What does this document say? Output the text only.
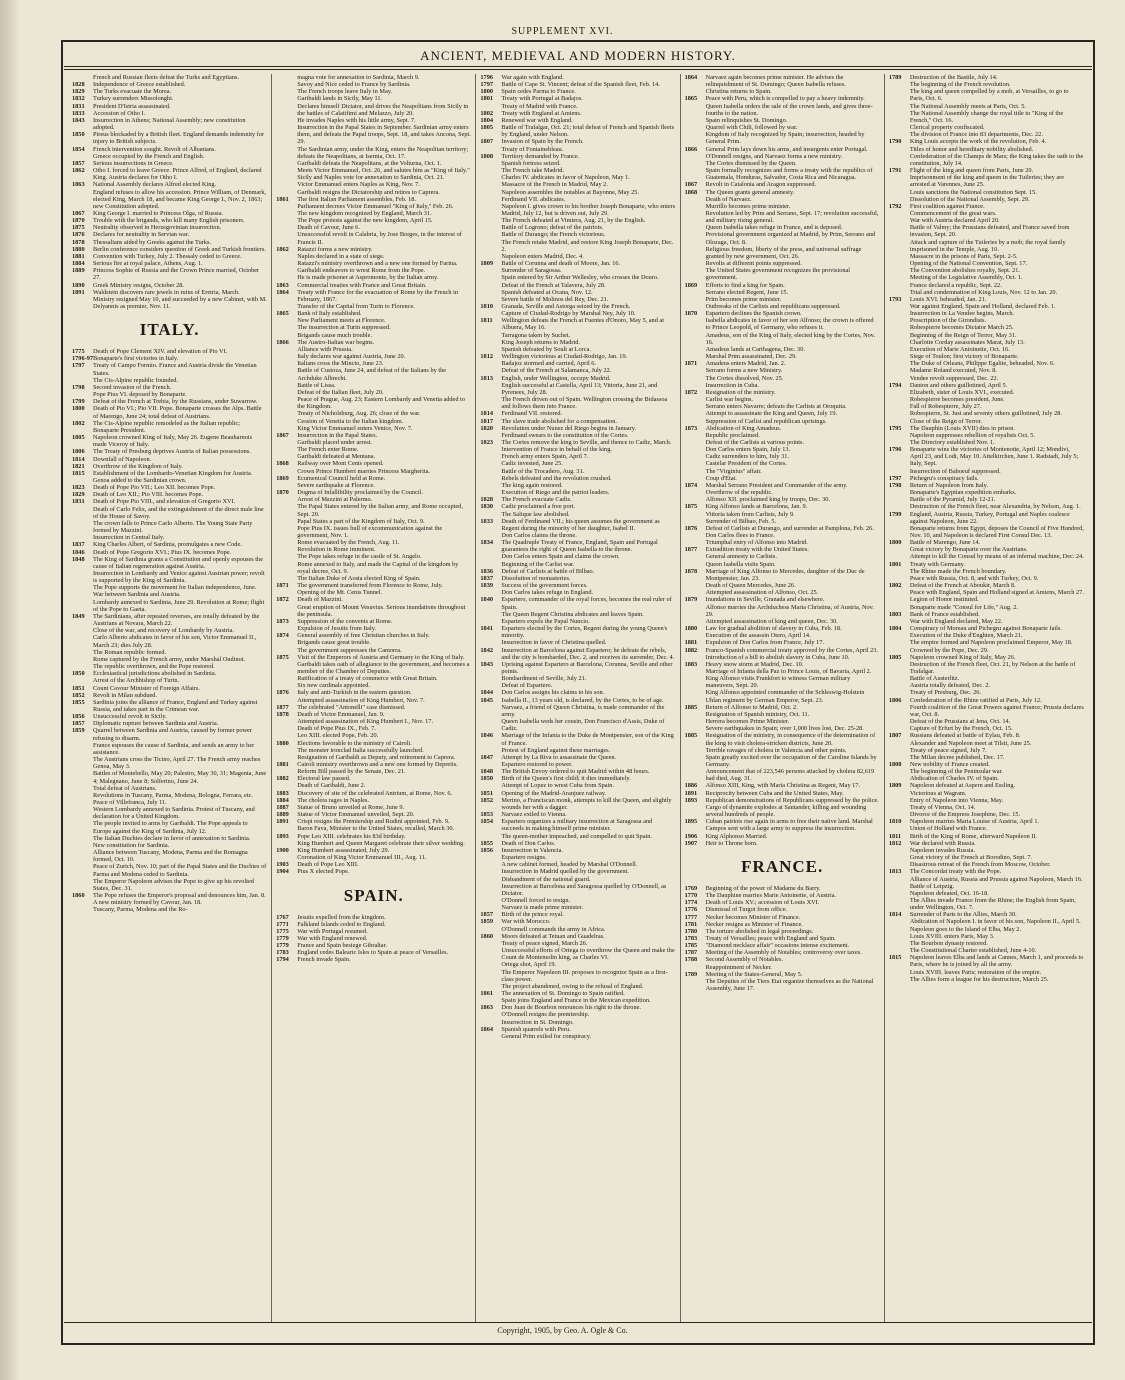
SUPPLEMENT XVI.
ANCIENT, MEDIEVAL AND MODERN HISTORY.
French and Russian fleets defeat the Turks and Egyptians.
1828	Independence of Greece established.
1829	The Turks evacuate the Morea.
1832	Turkey surrenders Missolonghi.
1831	President D'Istria assassinated.
1833	Accession of Otho I.
1843	Insurrection in Athens; National Assembly; new constitution adopted.
1850	Pireus blockaded by a British fleet. England demands indemnity for injury to British subjects.
1854	French intervention sought. Revolt of Albanians.
Greece occupied by the French and English.
1857	Serious insurrections in Greece.
1862	Otho I. forced to leave Greece. Prince Alfred, of England, declared King. Austria declares for Otho I.
1863	National Assembly declares Alfred elected King.
England refuses to allow his accession. Prince William, of Denmark, elected King, March 18, and became King George I., Nov. 2, 1863; new Constitution adopted.
1867	King George I. married to Princess Olga, of Russia.
1870	Trouble with the brigands, who kill many English prisoners.
1875	Neutrality observed in Herzegovinian insurrection.
1876	Declares for neutrality in Servian war.
1878	Thessalians aided by Greeks against the Turks.
1880	Berlin conference considers question of Greek and Turkish frontiers.
1881	Convention with Turkey, July 2. Thessaly ceded to Greece.
1884	Serious fire at royal palace, Athens, Aug. 1.
1889	Princess Sophie of Russia and the Crown Prince married, October 27.
1890	Greek Ministry resigns, October 28.
1891	Waldstein discovers rare jewels in ruins of Eretria, March.
Ministry resigned May 10, and succeeded by a new Cabinet, with M. Delyannis as premier, Nov. 11.
ITALY.
1775	Death of Pope Clement XIV. and elevation of Pio VI.
1796-97 Bonaparte's first victories in Italy.
1797	Treaty of Campo Formio. France and Austria divide the Venetian States.
The Cis-Alpine republic founded.
1798	Second invasion of the French.
Pope Pius VI. deposed by Bonaparte.
1799	Defeat of the French at Trebia, by the Russians, under Suwarrow.
1800	Death of Pio VI.; Pio VII. Pope. Bonaparte crosses the Alps. Battle of Marengo, June 24; total defeat of Austrians.
1802	The Cis-Alpine republic remodeled as the Italian republic; Bonaparte President.
1805	Napoleon crowned King of Italy, May 26. Eugene Beauharnois made Viceroy of Italy.
1806	The Treaty of Presburg deprives Austria of Italian possessions.
1814	Downfall of Napoleon.
1821	Overthrow of the Kingdom of Italy.
1815	Establishment of the Lombardo-Venetian Kingdom for Austria. Genoa added to the Sardinian crown.
1823	Death of Pope Pio VII.; Leo XII. becomes Pope.
1829	Death of Leo XII.; Pio VIII. becomes Pope.
1831	Death of Pope Pio VIII., and elevation of Gregorio XVI.
Death of Carlo Felix, and the extinguishment of the direct male line of the House of Savoy.
The crown falls to Prince Carlo Alberto. The Young State Party formed by Mazzini.
Insurrection in Central Italy.
1837	King Charles Albert, of Sardinia, promulgates a new Code.
1846	Death of Pope Gregorio XVI.; Pius IX. becomes Pope.
1848	The King of Sardinia grants a Constitution and openly espouses the cause of Italian regeneration against Austria.
Insurrection in Lombardy and Venice against Austrian power; revolt is supported by the King of Sardinia.
The Pope supports the movement for Italian independence, June.
War between Sardinia and Austria.
Lombardy annexed to Sardinia, June 29. Revolution at Rome; flight of the Pope to Gaeta.
1849	The Sardinians, after repeated reverses, are totally defeated by the Austrians at Novara, March 22.
Close of the war, and recovery of Lombardy by Austria.
Carlo Alberto abdicates in favor of his son, Victor Emmanuel II., March 23; dies July 28.
The Roman republic formed.
Rome captured by the French army, under Marshal Oudinot.
The republic overthrown, and the Pope restored.
1850	Ecclesiastical jurisdictions abolished in Sardinia.
Arrest of the Archbishop of Turin.
1851	Count Cavour Minister of Foreign Affairs.
1852	Revolt in Milan subdued.
1855	Sardinia joins the alliance of France, England and Turkey against Russia, and takes part in the Crimean war.
1856	Unsuccessful revolt in Sicily.
1857	Diplomatic rupture between Sardinia and Austria.
1859	Quarrel between Sardinia and Austria, caused by former power refusing to disarm.
France espouses the cause of Sardinia, and sends an army to her assistance.
The Austrians cross the Ticino, April 27. The French army reaches Genoa, May 3.
Battles of Montebello, May 20; Palestro, May 30, 31; Magenta, June 4; Malegnano, June 8; Solferino, June 24.
Total defeat of Austrians.
Revolutions in Tuscany, Parma, Modena, Bologna, Ferrara, etc.
Peace of Villefranca, July 11.
Western Lombardy annexed to Sardinia. Protest of Tuscany, and declaration for a United Kingdom.
The people invited to arms by Garibaldi. The Pope appeals to Europe against the King of Sardinia, July 12.
The Italian Duchies declare in favor of annexation to Sardinia.
New constitution for Sardinia.
Alliance between Tuscany, Modena, Parma and the Romagna formed, Oct. 10.
Peace of Zurich, Nov. 10; part of the Papal States and the Duchies of Parma and Modena ceded to Sardinia.
The Emperor Napoleon advises the Pope to give up his revolted States, Dec. 31.
1860	The Pope refuses the Emperor's proposal and denounces him, Jan. 8.
A new ministry formed by Cavour, Jan. 18.
Tuscany, Parma, Modena and the Ro-
magna vote for annexation to Sardinia, March 9.
Savoy and Nice ceded to France by Sardinia.
The French troops leave Italy in May.
Garibaldi lands in Sicily, May 11.
Declares himself Dictator, and drives the Neapolitans from Sicily in the battles of Calatifimi and Melazzo, July 20.
He invades Naples with his little army, Sept. 7.
Insurrection in the Papal States in September. Sardinian army enters them, and defeats the Papal troops, Sept. 18, and takes Ancona, Sept. 29.
The Sardinian army, under the King, enters the Neapolitan territory; defeats the Neapolitans, at Isernia, Oct. 17.
Garibaldi defeats the Neapolitans, at the Volturna, Oct. 1.
Meets Victor Emmanuel, Oct. 26, and salutes him as "King of Italy."
Sicily and Naples vote for annexation to Sardinia, Oct. 21.
Victor Emmanuel enters Naples as King, Nov. 7.
Garibaldi resigns the Dictatorship and retires to Caprera.
1861	The first Italian Parliament assembles, Feb. 18.
Parliament decrees Victor Emmanuel "King of Italy," Feb. 26.
The new kingdom recognized by England, March 31.
The Pope protests against the new kingdom, April 15.
Death of Cavour, June 6.
Unsuccessful revolt in Calabria, by Jose Borges, in the interest of Francis II.
1862	Ratazzi forms a new ministry.
Naples declared in a state of siege.
Ratazzi's ministry overthrown and a new one formed by Farina.
Garibaldi endeavors to wrest Rome from the Pope.
He is made prisoner at Aspromonte, by the Italian army.
1863	Commercial treaties with France and Great Britain.
1864	Treaty with France for the evacuation of Rome by the French in February, 1867.
Transfer of the Capital from Turin to Florence.
1865	Bank of Italy established.
New Parliament meets at Florence.
The insurrection at Turin suppressed.
Brigands cause much trouble.
1866	The Austro-Italian war begins.
Alliance with Prussia.
Italy declares war against Austria, June 20.
Italians cross the Mincio, June 23.
Battle of Custoza, June 24, and defeat of the Italians by the Archduke Albrecht.
Battle of Lissa.
Defeat of the Italian fleet, July 20.
Peace of Prague, Aug. 23; Eastern Lombardy and Venetia added to the Kingdom.
Treaty of Nicholsburg, Aug. 26; close of the war.
Cession of Venetia to the Italian kingdom.
King Victor Emmanuel enters Venice, Nov. 7.
1867	Insurrection in the Papal States.
Garibaldi placed under arrest.
The French enter Rome.
Garibaldi defeated at Mentana.
1868	Railway over Mont Cenis opened.
Crown Prince Humbert marries Princess Margherita.
1869	Ecumenical Council held at Rome.
Severe earthquake at Florence.
1870	Dogma of Infallibility proclaimed by the Council.
Arrest of Mazzini at Palermo.
The Papal States entered by the Italian army, and Rome occupied, Sept. 20.
Papal States a part of the Kingdom of Italy, Oct. 9.
Pope Pius IX. issues bull of excommunication against the government, Nov. 1.
Rome evacuated by the French, Aug. 11.
Revolution in Rome imminent.
The Pope takes refuge in the castle of St. Angelo.
Rome annexed to Italy, and made the Capital of the kingdom by royal decree, Oct. 9.
The Italian Duke of Aosta elected King of Spain.
1871	The government transferred from Florence to Rome, July.
Opening of the Mt. Cenis Tunnel.
1872	Death of Mazzini.
Great eruption of Mount Vesuvius. Serious inundations throughout the peninsula.
1873	Suppression of the convents at Rome.
Expulsion of Jesuits from Italy.
1874	General assembly of free Christian churches in Italy.
Brigands cause great trouble.
The government suppresses the Camorra.
1875	Visit of the Emperors of Austria and Germany to the King of Italy.
Garibaldi takes oath of allegiance to the government, and becomes a member of the Chamber of Deputies.
Ratification of a treaty of commerce with Great Britain.
Six new cardinals appointed.
1876	Italy and anti-Turkish in the eastern question.
Attempted assassination of King Humbert, Nov. 7.
1877	The celebrated "Antonelli" case dismissed.
1878	Death of Victor Emmanuel, Jan. 9.
Attempted assassination of King Humbert I., Nov. 17.
Death of Pope Pius IX., Feb. 7.
Leo XIII. elected Pope, Feb. 20.
1880	Elections favorable to the ministry of Cairoli.
The monster ironclad Italia successfully launched.
Resignation of Garibaldi as Deputy, and retirement to Caprera.
1881	Cairoli ministry overthrown and a new one formed by Depretis.
Reform Bill passed by the Senate, Dec. 21.
1882	Electoral law passed.
Death of Garibaldi, June 2.
1883	Discovery of site of the celebrated Antrium, at Rome, Nov. 6.
1884	The cholera rages in Naples.
1887	Statue of Bruno unveiled at Rome, June 9.
1889	Statue of Victor Emmanuel unveiled, Sept. 20.
1891	Crispi resigns the Premiership and Rudini appointed, Feb. 9.
Baron Fava, Minister to the United States, recalled, March 30.
1893	Pope Leo XIII. celebrates his 83d birthday.
King Humbert and Queen Margaret celebrate their silver wedding.
1900	King Humbert assassinated, July 29.
Coronation of King Victor Emmanuel III., Aug. 11.
1903	Death of Pope Leo XIII.
1904	Pius X elected Pope.
SPAIN.
1767	Jesuits expelled from the kingdom.
1771	Falkland Islands ceded to England.
1775	War with Portugal resumed.
1779	War with England renewed.
1779	France and Spain besiege Gibraltar.
1783	England cedes Balearic Isles to Spain at peace of Versailles.
1794	French invade Spain.
1796	War again with England.
1797	Battle of Cape St. Vincent; defeat of the Spanish fleet, Feb. 14.
1800	Spain cedes Parma to France.
1801	Treaty with Portugal at Badajos.
Treaty of Madrid with France.
1802	Treaty with England at Amiens.
1804	Renewed war with England.
1805	Battle of Trafalgar, Oct. 21; total defeat of French and Spanish fleets by England, under Nelson.
1807	Invasion of Spain by the French.
Treaty of Fontainebleau.
1808	Territory demanded by France.
Spanish fortress seized.
The French take Madrid.
Charles IV. abdicates in favor of Napoleon, May 1.
Massacre of the French in Madrid, May 2.
Napoleon assembles the notables at Bayonne, May 25.
Ferdinand VII. abdicates.
Napoleon I. gives crown to his brother Joseph Bonaparte, who enters Madrid, July 12, but is driven out, July 29.
The French defeated at Vimiera, Aug. 21, by the English.
Battle of Logrono; defeat of the patriots.
Battle of Durango; the French victorious.
The French retake Madrid, and restore King Joseph Bonaparte, Dec. 2.
Napoleon enters Madrid, Dec. 4.
1809	Battle of Corunna and death of Moore, Jan. 16.
Surrender of Saragossa.
Spain entered by Sir Arthur Wellesley, who crosses the Douro.
Defeat of the French at Talavera, July 28.
Spanish defeated at Ocana, Nov. 12.
Severe battle of Molinos del Rey, Dec. 21.
1810	Granada, Seville and Astorga seized by the French.
Capture of Ciudad-Rodrigo by Marshal Ney, July 10.
1811	Wellington defeats the French at Fuentes d'Onoro, May 5, and at Albuera, May 16.
Tarragona taken by Suchet.
King Joseph returns to Madrid.
Spanish defeated by Soult at Lorca.
1812	Wellington victorious at Ciudad-Rodrigo, Jan. 19.
Badajoz stormed and carried, April 6.
Defeat of the French at Salamanca, July 22.
1813	English, under Wellington, occupy Madrid.
English successful at Castella, April 13; Vittoria, June 21, and Pyrenees, July 28.
The French driven out of Spain. Wellington crossing the Bidassoa and follows them into France.
1814	Ferdinand VII. restored.
1817	The slave trade abolished for a compensation.
1820	Revolution under Nunez del Riego begins in January.
Ferdinand swears to the constitution of the Cortes.
1823	The Cortes remove the king to Seville, and thence to Cadiz, March.
Intervention of France in behalf of the king.
French army enters Spain, April 7.
Cadiz invested, June 25.
Battle of the Trocadero, Aug. 31.
Rebels defeated and the revolution crushed.
The king again restored.
Execution of Riego and the patriot leaders.
1828	The French evacuate Cadiz.
1830	Cadiz proclaimed a free port.
The Salique law abolished.
1833	Death of Ferdinand VII.; his queen assumes the government as Regent during the minority of her daughter, Isabel II.
Don Carlos claims the throne.
1834	The Quadruple Treaty of France, England, Spain and Portugal guarantees the right of Queen Isabella to the throne.
Don Carlos enters Spain and claims the crown.
Beginning of the Carlist war.
1836	Defeat of Carlists at battle of Bilbao.
1837	Dissolution of monasteries.
1839	Success of the government forces.
Don Carlos takes refuge in England.
1840	Espartero, commander of the royal forces, becomes the real ruler of Spain.
The Queen Regent Christina abdicates and leaves Spain.
Espartero expels the Papal Nuncio.
1841	Espartero elected by the Cortes, Regent during the young Queen's minority.
Insurrection in favor of Christina quelled.
1842	Insurrection at Barcelona against Espartero; he defeats the rebels, and the city is bombarded, Dec. 2, and receives its surrender, Dec. 4.
1843	Uprising against Espartero at Barcelona, Corunna, Seville and other points.
Bombardment of Seville, July 21.
Defeat of Espartero.
1844	Don Carlos assigns his claims to his son.
1845	Isabella II., 13 years old, is declared, by the Cortes, to be of age.
Narvaez, a friend of Queen Christina, is made commander of the army.
Queen Isabella weds her cousin, Don Francisco d'Assis, Duke of Cadiz.
1846	Marriage of the Infanta to the Duke de Montpensier, son of the King of France.
Protest of England against these marriages.
1847	Attempt by La Riva to assassinate the Queen.
Espartero restored to power.
1848	The British Envoy ordered to quit Madrid within 48 hours.
1850	Birth of the Queen's first child; it dies immediately.
Attempt of Lopez to wrest Cuba from Spain.
1851	Opening of the Madrid-Aranjuez railway.
1852	Merino, a Franciscan monk, attempts to kill the Queen, and slightly wounds her with a dagger.
1853	Narvaez exiled to Vienna.
1854	Espartero organizes a military insurrection at Saragossa and succeeds in making himself prime minister.
The queen-mother impeached, and compelled to quit Spain.
1855	Death of Don Carlos.
1856	Insurrection in Valencia.
Espartero resigns.
A new cabinet formed, headed by Marshal O'Donnell.
Insurrection in Madrid quelled by the government.
Disbandment of the national guard.
Insurrection at Barcelona and Saragossa quelled by O'Donnell, as Dictator.
O'Donnell forced to resign.
Narvaez is made prime minister.
1857	Birth of the prince royal.
1859	War with Morocco.
O'Donnell commands the army in Africa.
1860	Moors defeated at Tetuan and Guadelras.
Treaty of peace signed, March 26.
Unsuccessful efforts of Ortega to overthrow the Queen and make the Count de Montemolin king, as Charles VI.
Ortega shot, April 19.
The Emperor Napoleon III. proposes to recognize Spain as a first-class power.
The project abandoned, owing to the refusal of England.
1861	The annexation of St. Domingo to Spain ratified.
Spain joins England and France in the Mexican expedition.
1863	Don Juan de Bourbon renounces his right to the throne.
O'Donnell resigns the premiership.
Insurrection in St. Domingo.
1864	Spanish quarrels with Peru.
General Prim exiled for conspiracy.
1864	Narvaez again becomes prime minister. He advises the relinquishment of St. Domingo; Queen Isabella refuses.
Christina returns to Spain.
1865	Peace with Peru, which is compelled to pay a heavy indemnity.
Queen Isabella orders the sale of the crown lands, and gives three-fourths to the nation.
Spain relinquishes St. Domingo.
Quarrel with Chili, followed by war.
Kingdom of Italy recognized by Spain; insurrection, headed by General Prim.
1866	General Prim lays down his arms, and insurgents enter Portugal.
O'Donnell resigns, and Narvaez forms a new ministry.
The Cortes dismissed by the Queen.
Spain formally recognizes and forms a treaty with the republics of Guatemala, Honduras, Salvador, Costa Rica and Nicaragua.
1867	Revolt in Catalonia and Aragon suppressed.
1868	The Queen grants general amnesty.
Death of Narvaez.
Murrillo becomes prime minister.
Revolution led by Prim and Serrano, Sept. 17; revolution successful, and military rising general.
Queen Isabella takes refuge in France, and is deposed.
Provisional government organized at Madrid, by Prim, Serrano and Olozaga, Oct. 8.
Religious freedom, liberty of the press, and universal suffrage granted by new government, Oct. 26.
Revolts at different points suppressed.
The United States government recognizes the provisional government.
1869	Efforts to find a king for Spain.
Serrano elected Regent, June 15.
Prim becomes prime minister.
Outbreaks of the Carlists and republicans suppressed.
1870	Espartero declines the Spanish crown.
Isabella abdicates in favor of her son Alfonso; the crown is offered to Prince Leopold, of Germany, who refuses it.
Amadeus, son of the King of Italy, elected king by the Cortes, Nov. 16.
Amadeus lands at Carthagena, Dec. 30.
Marshal Prim assassinated, Dec. 29.
1871	Amadeus enters Madrid, Jan. 2.
Serrano forms a new Ministry.
The Cortes dissolved, Nov. 25.
Insurrection in Cuba.
1872	Resignation of the ministry.
Carlist war begins.
Serrano enters Navarre; defeats the Carlists at Oroquita.
Attempt to assassinate the King and Queen, July 19.
Suppression of Carlist and republican uprisings.
1873	Abdication of King Amadeus.
Republic proclaimed.
Defeat of the Carlists at various points.
Don Carlos enters Spain, July 13.
Cadiz surrenders to him, July 31.
Castelar President of the Cortes.
The "Virginius" affair.
Coup d'Etat.
1874	Marshal Serrano President and Commander of the army.
Overthrow of the republic.
Alfonso XII. proclaimed king by troops, Dec. 30.
1875	King Alfonso lands at Barcelona, Jan. 9.
Vittoria taken from Carlists, July 9.
Surrender of Bilbao, Feb. 5.
1876	Defeat of Carlists at Durango, and surrender at Pamplona, Feb. 26.
Don Carlos flees to France.
Triumphal entry of Alfonso into Madrid.
1877	Extradition treaty with the United States.
General amnesty to Carlists.
Queen Isabella visits Spain.
1878	Marriage of King Alfonso to Mercedes, daughter of the Duc de Montpensier, Jan. 23.
Death of Queen Mercedes, June 26.
Attempted assassination of Alfonso, Oct. 25.
1879	Inundations in Seville, Granada and elsewhere.
Alfonso marries the Archduchess Maria Christina, of Austria, Nov. 29.
Attempted assassination of king and queen, Dec. 30.
1880	Law for gradual abolition of slavery in Cuba, Feb. 18.
Execution of the assassin Otero, April 14.
1881	Expulsion of Don Carlos from France, July 17.
1882	Franco-Spanish commercial treaty approved by the Cortes, April 23.
Introduction of a bill to abolish slavery in Cuba, June 10.
1883	Heavy snow storm at Madrid, Dec. 10.
Marriage of Infanta della Paz to Prince Louis, of Bavaria, April 2.
King Alfonso visits Frankfort to witness German military maneuvers, Sept. 20.
King Alfonso appointed commander of the Schleswig-Holstein Uhlan regiment by German Emperor, Sept. 23.
1885	Return of Alfonso to Madrid, Oct. 2.
Resignation of Spanish ministry, Oct. 11.
Herrera becomes Prime Minister.
Severe earthquakes in Spain; over 1,000 lives lost, Dec. 25-28.
1885	Resignation of the ministry, in consequence of the determination of the king to visit cholera-stricken districts, June 20.
Terrible ravages of cholera in Valencia and other points.
Spain greatly excited over the occupation of the Caroline Islands by Germany.
Announcement that of 223,546 persons attacked by cholera 82,619 had died, Aug. 31.
1886	Alfonso XIII, King, with Maria Christina as Regent, May 17.
1891	Reciprocity between Cuba and the United States, May.
1893	Republican demonstrations of Republicans suppressed by the police.
Cargo of dynamite explodes at Santander, killing and wounding several hundreds of people.
1895	Cuban patriots rise again in arms to free their native land. Marshal Campos sent with a large army to suppress the insurrection.
1906	King Alphonso Married.
1907	Heir to Throne born.
FRANCE.
1769	Beginning of the power of Madame du Barry.
1770	The Dauphine marries Marie Antoinette, of Austria.
1774	Death of Louis XV.; accession of Louis XVI.
1776	Dismissal of Turgot from office.
1777	Necker becomes Minister of Finance.
1781	Necker resigns as Minister of Finance.
1780	The torture abolished in legal proceedings.
1783	Treaty of Versailles; peace with England and Spain.
1785	"Diamond necklace affair" occasions intense excitement.
1787	Meeting of the Assembly of Notables; controversy over taxes.
1788	Second Assembly of Notables.
Reappointment of Necker.
1789	Meeting of the States-General, May 5.
The Deputies of the Tiers Etat organize themselves as the National Assembly, June 17.
1789	Destruction of the Bastile, July 14.
The beginning of the French revolution.
The king and queen compelled by a mob, at Versailles, to go to Paris, Oct. 6.
The National Assembly meets at Paris, Oct. 5.
The National Assembly change the royal title to "King of the French," Oct. 16.
Clerical property confiscated.
The division of France into 83 departments, Dec. 22.
1790	King Louis accepts the work of the revolution, Feb. 4.
Titles of honor and hereditary nobility abolished.
Confederation of the Champs de Mars; the King takes the oath to the constitution, July 14.
1791	Flight of the king and queen from Paris, June 20.
Imprisonment of the king and queen in the Tuileries; they are arrested at Varennes, June 25.
Louis sanctions the National constitution Sept. 15.
Dissolution of the National Assembly, Sept. 29.
1792	First coalition against France.
Commencement of the great wars.
War with Austria declared April 20.
Battle of Valmy; the Prussians defeated, and France saved from invasion, Sept. 20.
Attack and capture of the Tuileries by a mob; the royal family imprisoned in the Temple, Aug. 10.
Massacre in the prisons of Paris, Sept. 2-5.
Opening of the National Convention, Sept. 17.
The Convention abolishes royalty, Sept. 21.
Meeting of the Legislative Assembly, Oct. 1.
France declared a republic, Sept. 22.
Trial and condemnation of King Louis, Nov. 12 to Jan. 20.
1793	Louis XVI. beheaded, Jan. 21.
War against England, Spain and Holland, declared Feb. 1.
Insurrection in La Vendee begins, March.
Proscription of the Girondists.
Robespierre becomes Dictator March 25.
Beginning of the Reign of Terror, May 31.
Charlotte Corday assassinates Marat, July 13.
Execution of Marie Antoinette, Oct. 16.
Siege of Toulon; first victory of Bonaparte.
The Duke of Orleans, Philippe Egalite, beheaded, Nov. 6.
Madame Roland executed, Nov. 8.
Vendee revolt suppressed, Dec. 22.
1794	Danton and others guillotined, April 5.
Elizabeth, sister of Louis XVI., executed.
Robespierre becomes president, June.
Fall of Robespierre, July 27.
Robespierre, St. Just and seventy others guillotined, July 28.
Close of the Reign of Terror.
1795	The Dauphin (Louis XVII) dies in prison.
Napoleon suppresses rebellion of royalists Oct. 5.
The Directory established Nov. 1.
1796	Bonaparte wins the victories of Montenotte, April 12; Mondivi, April 23, and Lodi, May 10. Attelkirchen, June 1. Radstadt, July 5; Italy, Sept.
Insurrection of Baboeuf suppressed.
1797	Pichegru's conspiracy fails.
1798	Return of Napoleon from Italy.
Bonaparte's Egyptian expedition embarks.
Battle of the Pyramid, July 12-21.
Destruction of the French fleet, near Alexandria, by Nelson, Aug. 1.
1799	England, Austria, Russia, Turkey, Portugal and Naples coalesce against Napoleon, June 22.
Bonaparte returns from Egypt, deposes the Council of Five Hundred, Nov. 10, and Napoleon is declared First Consul Dec. 13.
1800	Battle of Marengo, June 14.
Great victory by Bonaparte over the Austrians.
Attempt to kill the Consul by means of an infernal machine, Dec. 24.
1801	Treaty with Germany.
The Rhine made the French boundary.
Peace with Russia, Oct. 8, and with Turkey, Oct. 9.
1802	Defeat of the French at Aboukir, March 8.
Peace with England, Spain and Holland signed at Amiens, March 27.
Legion of Honor instituted.
Bonaparte made "Consul for Life," Aug. 2.
1803	Bank of France established.
War with England declared, May 22.
1804	Conspiracy of Moreau and Pichegru against Bonaparte fails.
Execution of the Duke d'Enghien, March 21.
The empire formed and Napoleon proclaimed Emperor, May 18.
Crowned by the Pope, Dec. 29.
1805	Napoleon crowned King of Italy, May 26.
Destruction of the French fleet, Oct. 21, by Nelson at the battle of Trafalgar.
Battle of Austerlitz.
Austria totally defeated, Dec. 2.
Treaty of Presburg, Dec. 26.
1806	Confederation of the Rhine ratified at Paris, July 12.
Fourth coalition of the Great Powers against France; Prussia declares war, Oct. 8.
Defeat of the Prussians at Jena, Oct. 14.
Capture of Erfurt by the French, Oct. 15.
1807	Russians defeated at battle of Eylau, Feb. 8.
Alexander and Napoleon meet at Tilsit, June 25.
Treaty of peace signed, July 7.
The Milan decree published, Dec. 17.
1808	New nobility of France created.
The beginning of the Peninsular war.
Abdication of Charles IV. of Spain.
1809	Napoleon defeated at Aspern and Essling.
Victorious at Wagram.
Entry of Napoleon into Vienna, May.
Treaty of Vienna, Oct. 14.
Divorce of the Empress Josephine, Dec. 15.
1810	Napoleon marries Maria Louise of Austria, April 1.
Union of Holland with France.
1811	Birth of the King of Rome, afterward Napoleon II.
1812	War declared with Russia.
Napoleon invades Russia.
Great victory of the French at Borodino, Sept. 7.
Disastrous retreat of the French from Moscow, October.
1813	The Concordat treaty with the Pope.
Alliance of Austria, Russia and Prussia against Napoleon, March 16.
Battle of Leipzig.
Napoleon defeated, Oct. 16-18.
The Allies invade France from the Rhine; the English from Spain, under Wellington, Oct. 7.
1814	Surrender of Paris to the Allies, March 30.
Abdication of Napoleon I. in favor of his son, Napoleon II., April 5.
Napoleon goes to the Island of Elba, May 2.
Louis XVIII. enters Paris, May 3.
The Bourbon dynasty restored.
The Constitutional Charter established, June 4-10.
1815	Napoleon leaves Elba and lands at Cannes, March 1, and proceeds to Paris, where he is joined by all the army.
Louis XVIII. leaves Paris; restoration of the empire.
The Allies form a league for his destruction, March 25.
Copyright, 1905, by Geo. A. Ogle & Co.
